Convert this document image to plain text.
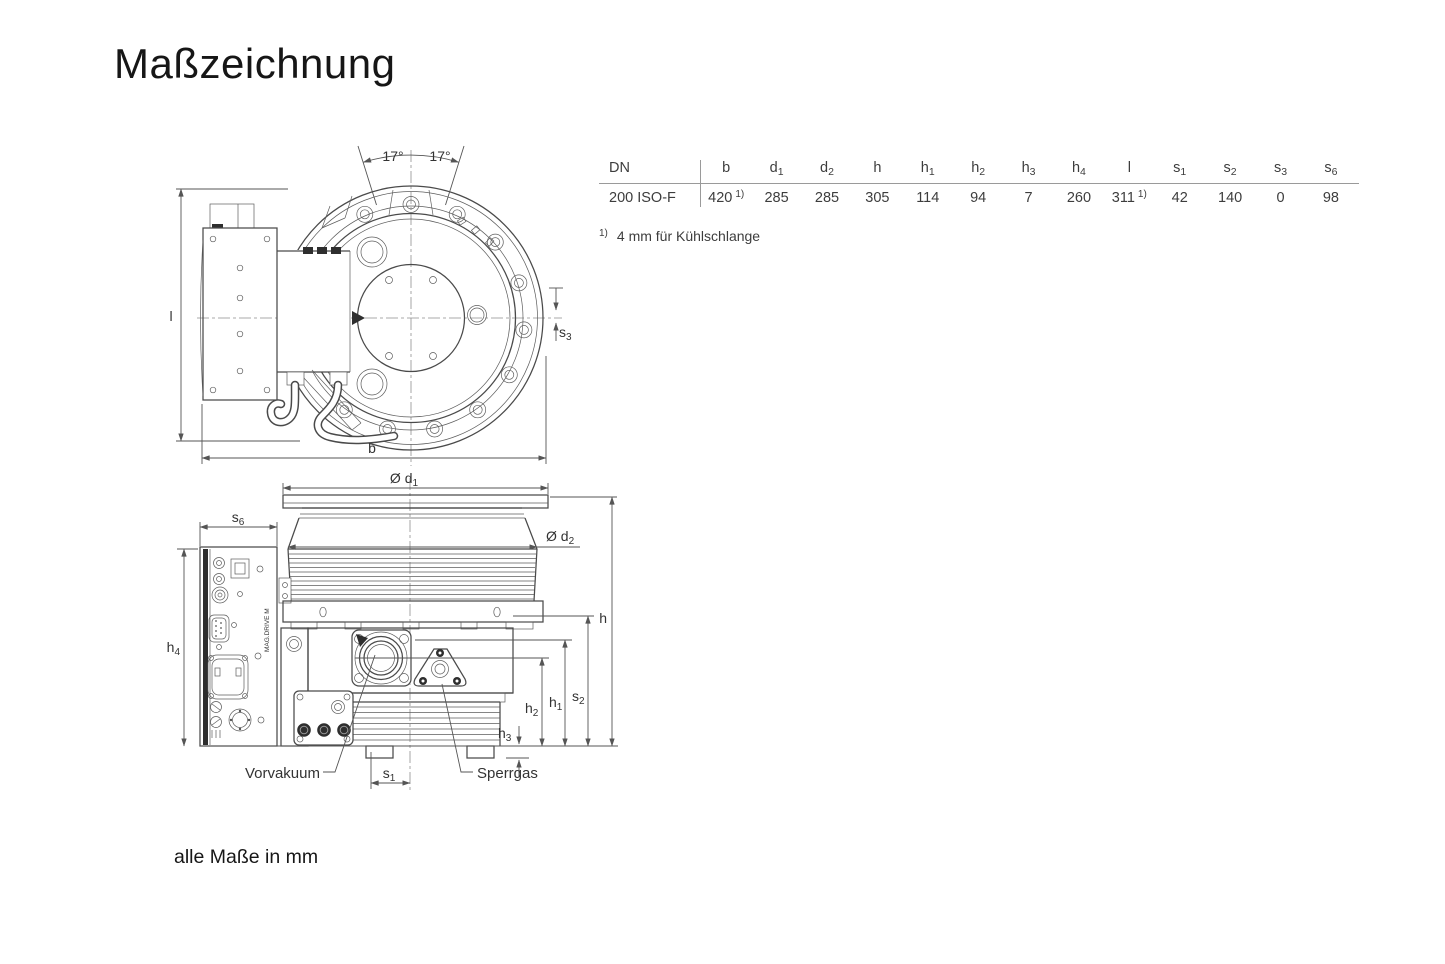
Maßzeichnung
DN	b	$d_1$	$d_2$	h	$h_1$	$h_2$	$h_3$	$h_4$	l	$s_1$	$s_2$	$s_3$	$s_6$
200 ISO-F	420 $^{1)}$	285	285	305	114	94	7	260	311 $^{1)}$	42	140	0	98
$^{1)}$ 4 mm für Kühlschlange
alle Maße in mm
17° 17°
l
b
$s_3$
MAG.DRIVE M
Ø $d_1$
Ø $d_2$
$s_6$
$h_4$
h
$s_2$
$h_1$
$h_2$
$h_3$
$s_1$
Vorvakuum	Sperrgas
